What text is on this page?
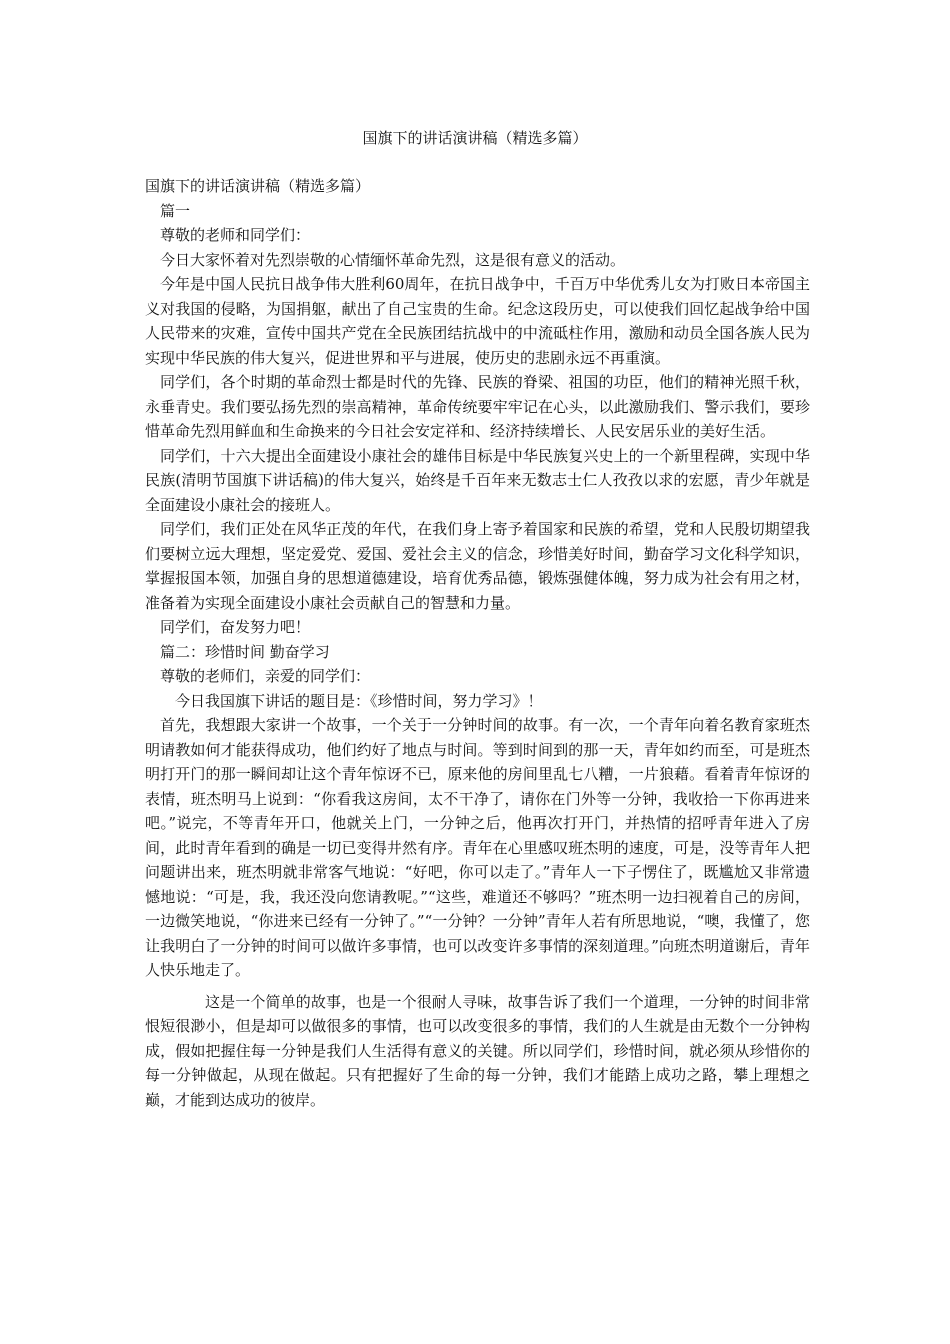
国旗下的讲话演讲稿（精选多篇）

国旗下的讲话演讲稿（精选多篇）

篇一

尊敬的老师和同学们：

今日大家怀着对先烈崇敬的心情缅怀革命先烈，这是很有意义的活动。

今年是中国人民抗日战争伟大胜利60周年，在抗日战争中，千百万中华优秀儿女为打败日本帝国主义对我国的侵略，为国捐躯，献出了自己宝贵的生命。纪念这段历史，可以使我们回忆起战争给中国人民带来的灾难，宣传中国共产党在全民族团结抗战中的中流砥柱作用，激励和动员全国各族人民为实现中华民族的伟大复兴，促进世界和平与进展，使历史的悲剧永远不再重演。

同学们，各个时期的革命烈士都是时代的先锋、民族的脊梁、祖国的功臣，他们的精神光照千秋，永垂青史。我们要弘扬先烈的崇高精神，革命传统要牢牢记在心头，以此激励我们、警示我们，要珍惜革命先烈用鲜血和生命换来的今日社会安定祥和、经济持续增长、人民安居乐业的美好生活。

同学们，十六大提出全面建设小康社会的雄伟目标是中华民族复兴史上的一个新里程碑，实现中华民族(清明节国旗下讲话稿)的伟大复兴，始终是千百年来无数志士仁人孜孜以求的宏愿，青少年就是全面建设小康社会的接班人。

同学们，我们正处在风华正茂的年代，在我们身上寄予着国家和民族的希望，党和人民殷切期望我们要树立远大理想，坚定爱党、爱国、爱社会主义的信念，珍惜美好时间，勤奋学习文化科学知识，掌握报国本领，加强自身的思想道德建设，培育优秀品德，锻炼强健体魄，努力成为社会有用之材，准备着为实现全面建设小康社会贡献自己的智慧和力量。

同学们，奋发努力吧！

篇二：珍惜时间 勤奋学习

尊敬的老师们，亲爱的同学们：

今日我国旗下讲话的题目是：《珍惜时间，努力学习》！

首先，我想跟大家讲一个故事，一个关于一分钟时间的故事。有一次，一个青年向着名教育家班杰明请教如何才能获得成功，他们约好了地点与时间。等到时间到的那一天，青年如约而至，可是班杰明打开门的那一瞬间却让这个青年惊讶不已，原来他的房间里乱七八糟，一片狼藉。看着青年惊讶的表情，班杰明马上说到：“你看我这房间，太不干净了，请你在门外等一分钟，我收拾一下你再进来吧。”说完，不等青年开口，他就关上门，一分钟之后，他再次打开门，并热情的招呼青年进入了房间，此时青年看到的确是一切已变得井然有序。青年在心里感叹班杰明的速度，可是，没等青年人把问题讲出来，班杰明就非常客气地说：“好吧，你可以走了。”青年人一下子愣住了，既尴尬又非常遗憾地说：“可是，我，我还没向您请教呢。”“这些，难道还不够吗？”班杰明一边扫视着自己的房间，一边微笑地说，“你进来已经有一分钟了。”“一分钟？一分钟”青年人若有所思地说，“噢，我懂了，您让我明白了一分钟的时间可以做许多事情，也可以改变许多事情的深刻道理。”向班杰明道谢后，青年人快乐地走了。

这是一个简单的故事，也是一个很耐人寻味，故事告诉了我们一个道理，一分钟的时间非常恨短很渺小，但是却可以做很多的事情，也可以改变很多的事情，我们的人生就是由无数个一分钟构成，假如把握住每一分钟是我们人生活得有意义的关键。所以同学们，珍惜时间，就必须从珍惜你的每一分钟做起，从现在做起。只有把握好了生命的每一分钟，我们才能踏上成功之路，攀上理想之巅，才能到达成功的彼岸。
